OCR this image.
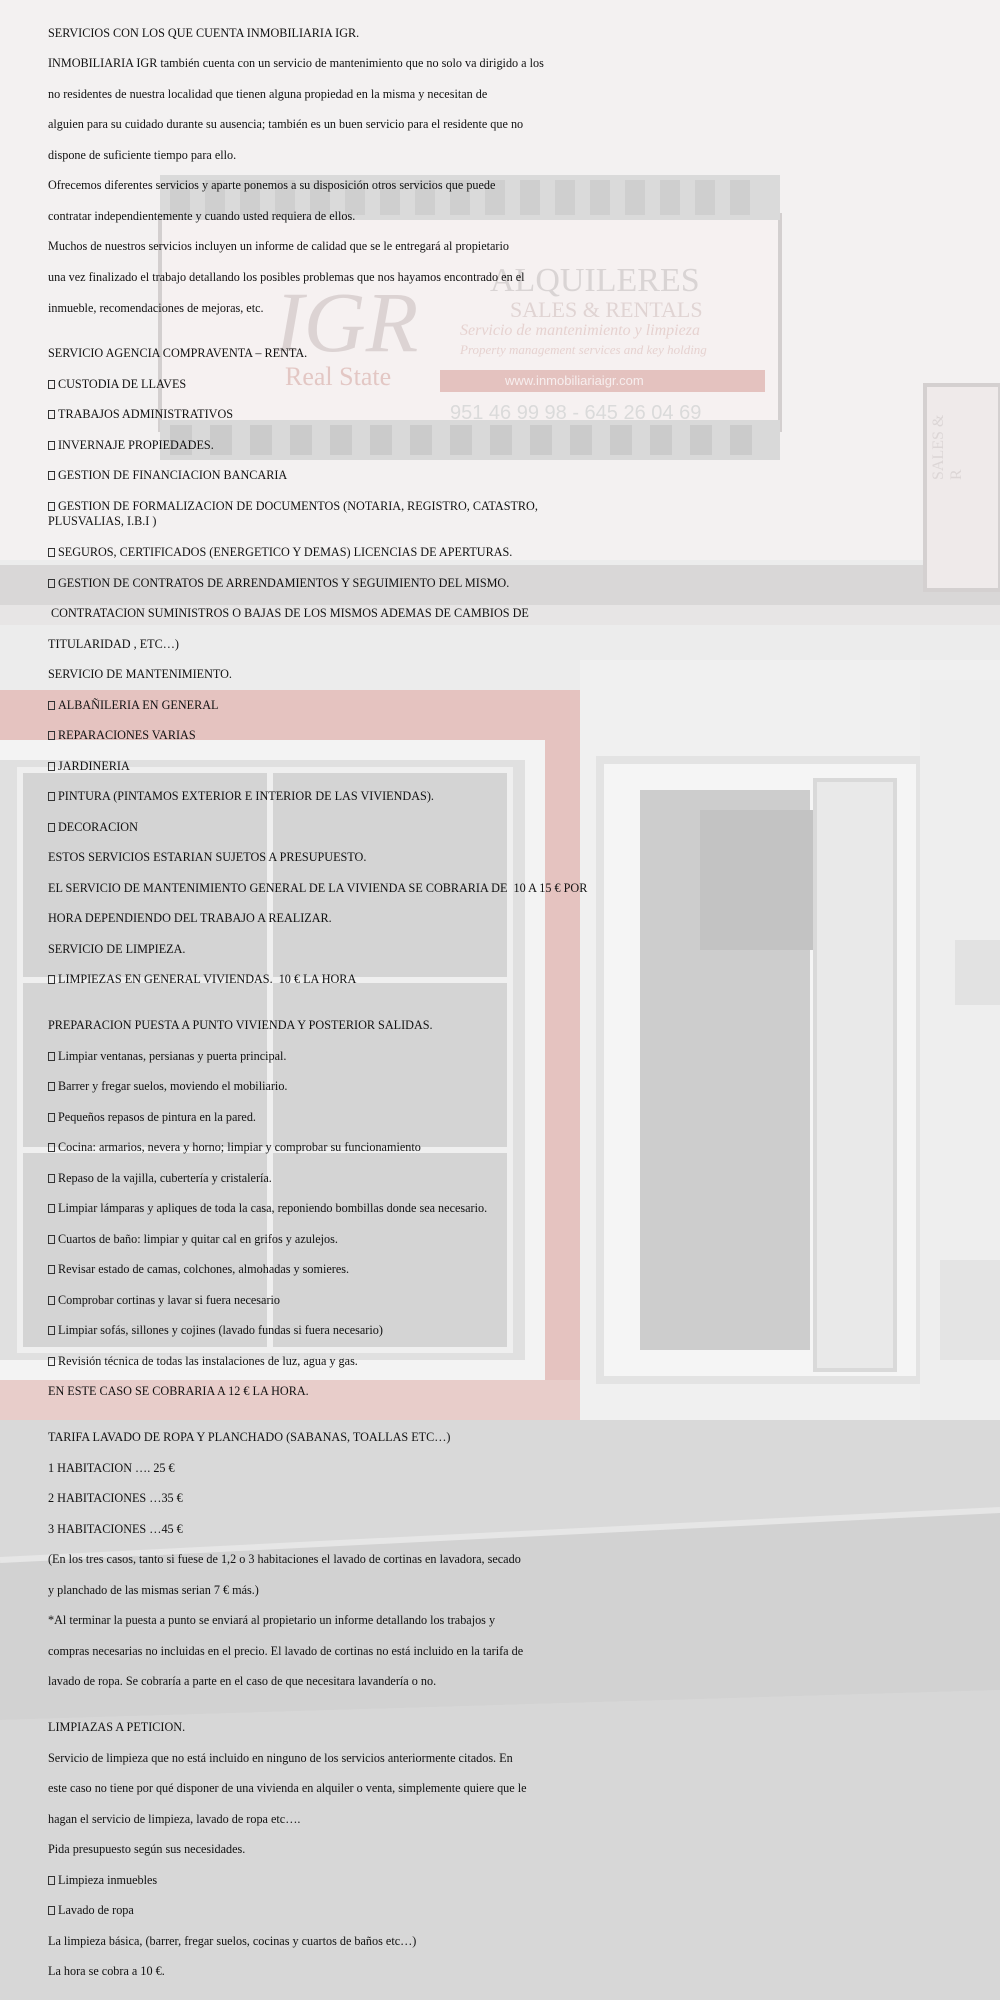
SERVICIOS CON LOS QUE CUENTA INMOBILIARIA IGR.
INMOBILIARIA IGR también cuenta con un servicio de mantenimiento que no solo va dirigido a los
no residentes de nuestra localidad que tienen alguna propiedad en la misma y necesitan de
alguien para su cuidado durante su ausencia; también es un buen servicio para el residente que no
dispone de suficiente tiempo para ello.
Ofrecemos diferentes servicios y aparte ponemos a su disposición otros servicios que puede
contratar independientemente y cuando usted requiera de ellos.
Muchos de nuestros servicios incluyen un informe de calidad que se le entregará al propietario
una vez finalizado el trabajo detallando los posibles problemas que nos hayamos encontrado en el
inmueble, recomendaciones de mejoras, etc.
SERVICIO AGENCIA COMPRAVENTA – RENTA.
CUSTODIA DE LLAVES
TRABAJOS ADMINISTRATIVOS
INVERNAJE PROPIEDADES.
GESTION DE FINANCIACION BANCARIA
GESTION DE FORMALIZACION DE DOCUMENTOS (NOTARIA, REGISTRO, CATASTRO, PLUSVALIAS, I.B.I )
SEGUROS, CERTIFICADOS (ENERGETICO Y DEMAS) LICENCIAS DE APERTURAS.
GESTION DE CONTRATOS DE ARRENDAMIENTOS Y SEGUIMIENTO DEL MISMO.
CONTRATACION SUMINISTROS O BAJAS DE LOS MISMOS ADEMAS DE CAMBIOS DE
TITULARIDAD , ETC…)
SERVICIO DE MANTENIMIENTO.
ALBAÑILERIA EN GENERAL
REPARACIONES VARIAS
JARDINERIA
PINTURA (PINTAMOS EXTERIOR E INTERIOR DE LAS VIVIENDAS).
DECORACION
ESTOS SERVICIOS ESTARIAN SUJETOS A PRESUPUESTO.
EL SERVICIO DE MANTENIMIENTO GENERAL DE LA VIVIENDA SE COBRARIA DE  10 A 15 € POR
HORA DEPENDIENDO DEL TRABAJO A REALIZAR.
SERVICIO DE LIMPIEZA.
LIMPIEZAS EN GENERAL VIVIENDAS.  10 € LA HORA
PREPARACION PUESTA A PUNTO VIVIENDA Y POSTERIOR SALIDAS.
Limpiar ventanas, persianas y puerta principal.
Barrer y fregar suelos, moviendo el mobiliario.
Pequeños repasos de pintura en la pared.
Cocina: armarios, nevera y horno; limpiar y comprobar su funcionamiento
Repaso de la vajilla, cubertería y cristalería.
Limpiar lámparas y apliques de toda la casa, reponiendo bombillas donde sea necesario.
Cuartos de baño: limpiar y quitar cal en grifos y azulejos.
Revisar estado de camas, colchones, almohadas y somieres.
Comprobar cortinas y lavar si fuera necesario
Limpiar sofás, sillones y cojines (lavado fundas si fuera necesario)
Revisión técnica de todas las instalaciones de luz, agua y gas.
EN ESTE CASO SE COBRARIA A 12 € LA HORA.
TARIFA LAVADO DE ROPA Y PLANCHADO (SABANAS, TOALLAS ETC…)
1 HABITACION …. 25 €
2 HABITACIONES …35 €
3 HABITACIONES …45 €
(En los tres casos, tanto si fuese de 1,2 o 3 habitaciones el lavado de cortinas en lavadora, secado
y planchado de las mismas serian 7 € más.)
*Al terminar la puesta a punto se enviará al propietario un informe detallando los trabajos y
compras necesarias no incluidas en el precio. El lavado de cortinas no está incluido en la tarifa de
lavado de ropa. Se cobraría a parte en el caso de que necesitara lavandería o no.
LIMPIAZAS A PETICION.
Servicio de limpieza que no está incluido en ninguno de los servicios anteriormente citados. En
este caso no tiene por qué disponer de una vivienda en alquiler o venta, simplemente quiere que le
hagan el servicio de limpieza, lavado de ropa etc….
Pida presupuesto según sus necesidades.
Limpieza inmuebles
Lavado de ropa
La limpieza básica, (barrer, fregar suelos, cocinas y cuartos de baños etc…)
La hora se cobra a 10 €.
IGR ALQUILERES
SALES & RENTALS
Real State
Servicio de mantenimiento y limpieza
Property management services and key holding
www.inmobiliariaigr.com
951 46 99 98 - 645 26 04 69
SALES & R
